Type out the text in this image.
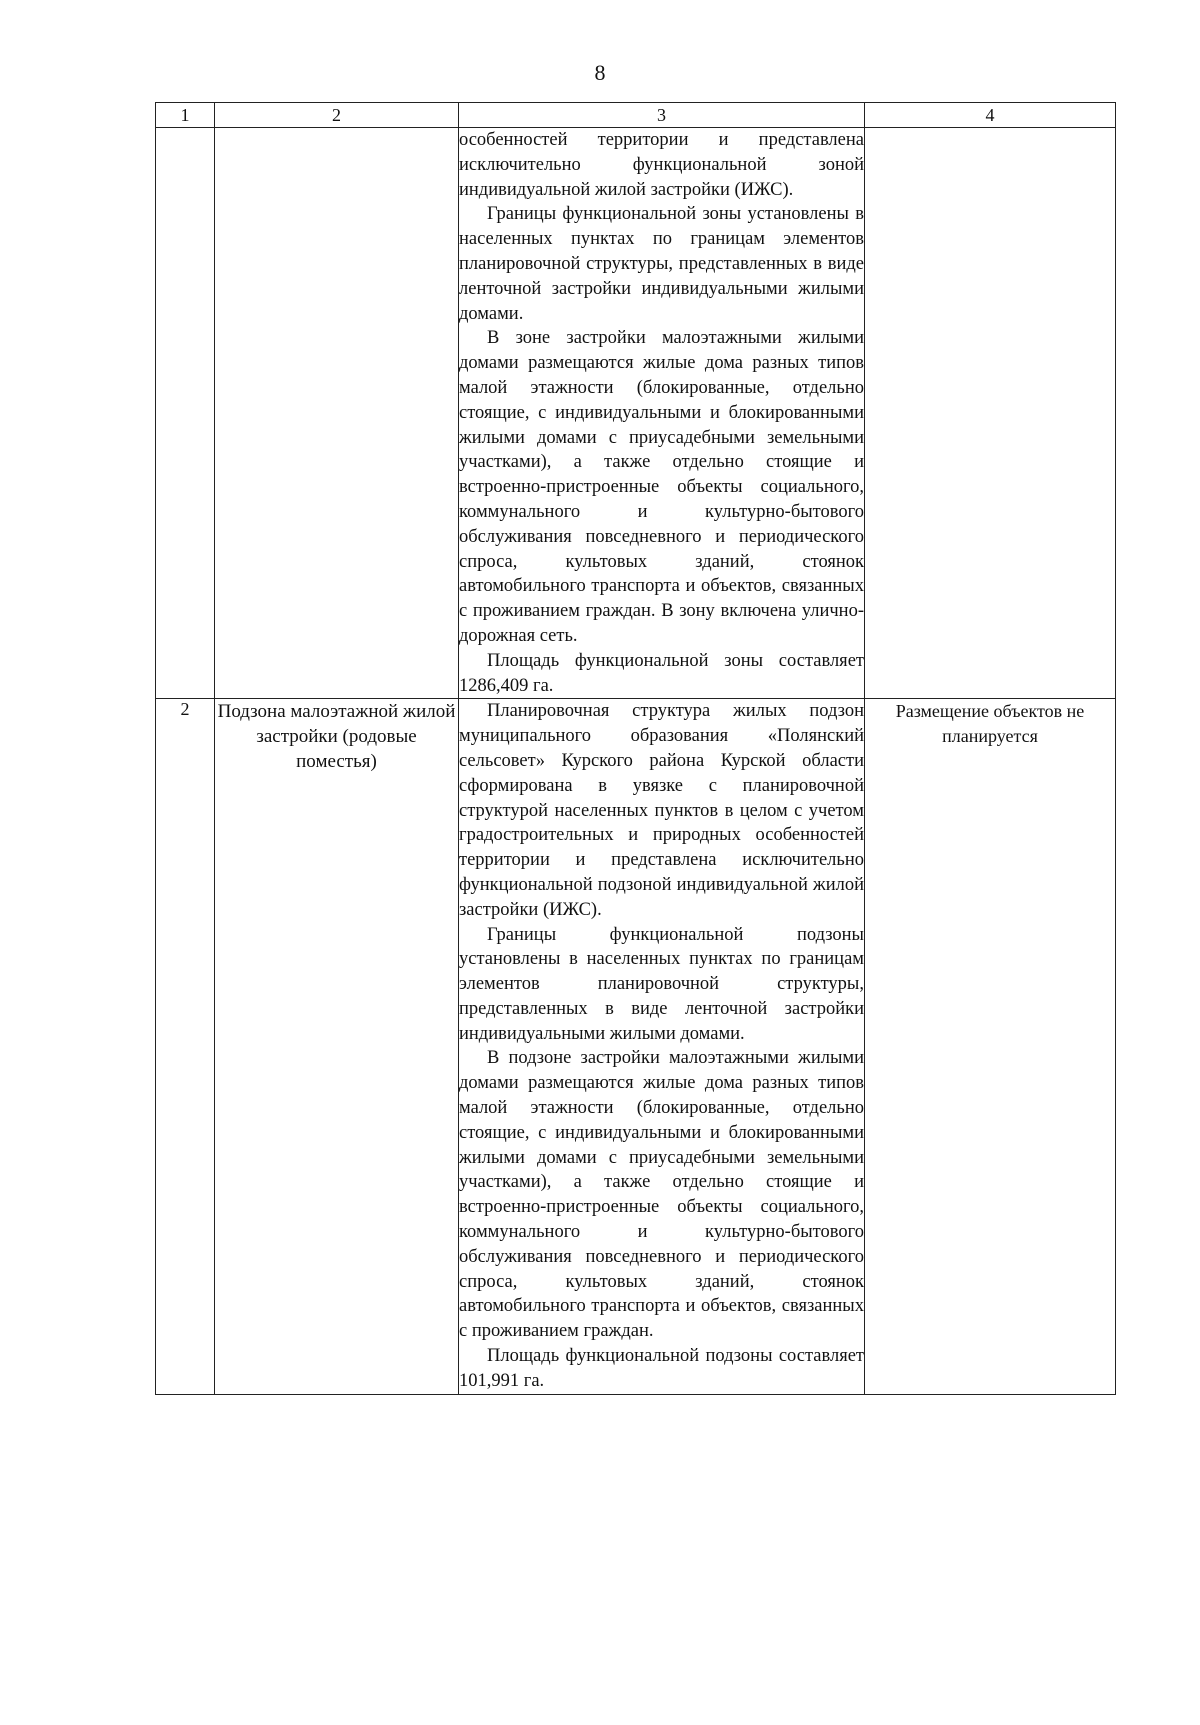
8
1	2	3	4

		особенностей территории и представлена исключительно функциональной зоной индивидуальной жилой застройки (ИЖС).

Границы функциональной зоны установлены в населенных пунктах по границам элементов планировочной структуры, представленных в виде ленточной застройки индивидуальными жилыми домами.

В зоне застройки малоэтажными жилыми домами размещаются жилые дома разных типов малой этажности (блокированные, отдельно стоящие, с индивидуальными и блокированными жилыми домами с приусадебными земельными участками), а также отдельно стоящие и встроенно-пристроенные объекты социального, коммунального и культурно-бытового обслуживания повседневного и периодического спроса, культовых зданий, стоянок автомобильного транспорта и объектов, связанных с проживанием граждан. В зону включена улично-дорожная сеть.

Площадь функциональной зоны составляет 1286,409 га.	

2	Подзона малоэтажной жилой застройки (родовые поместья)	Планировочная структура жилых подзон муниципального образования «Полянский сельсовет» Курского района Курской области сформирована в увязке с планировочной структурой населенных пунктов в целом с учетом градостроительных и природных особенностей территории и представлена исключительно функциональной подзоной индивидуальной жилой застройки (ИЖС).

Границы функциональной подзоны установлены в населенных пунктах по границам элементов планировочной структуры, представленных в виде ленточной застройки индивидуальными жилыми домами.

В подзоне застройки малоэтажными жилыми домами размещаются жилые дома разных типов малой этажности (блокированные, отдельно стоящие, с индивидуальными и блокированными жилыми домами с приусадебными земельными участками), а также отдельно стоящие и встроенно-пристроенные объекты социального, коммунального и культурно-бытового обслуживания повседневного и периодического спроса, культовых зданий, стоянок автомобильного транспорта и объектов, связанных с проживанием граждан.

Площадь функциональной подзоны составляет 101,991 га.	Размещение объектов не планируется
